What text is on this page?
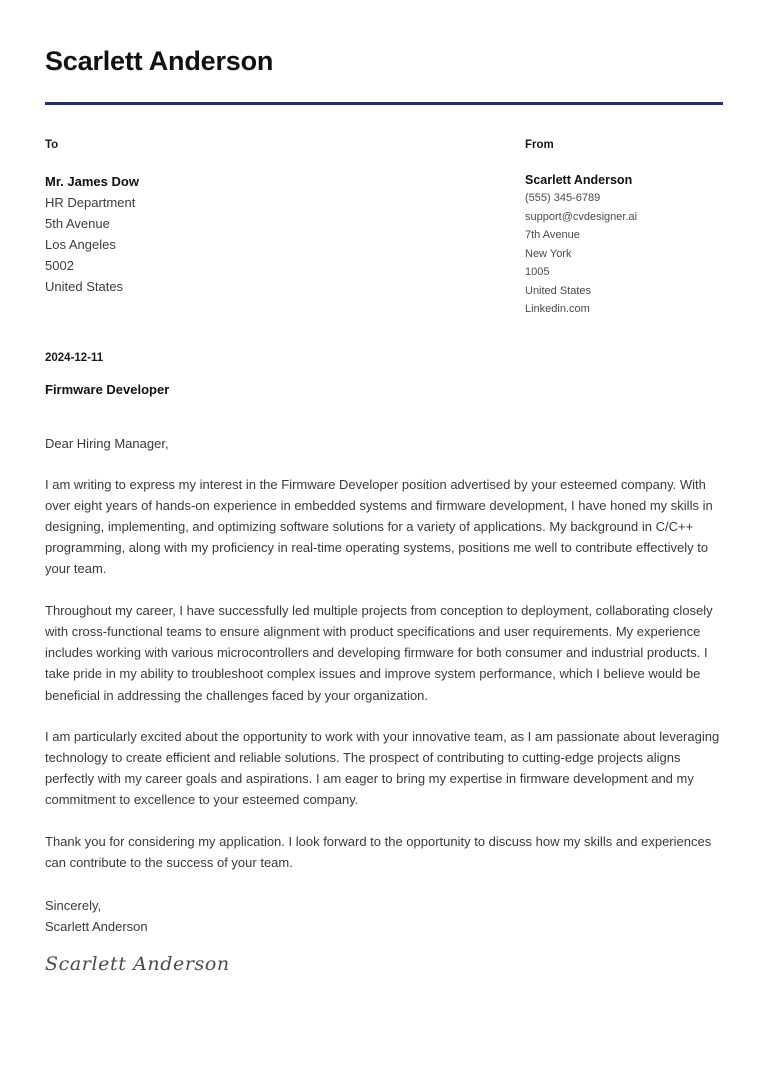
Scarlett Anderson
To
Mr. James Dow
HR Department
5th Avenue
Los Angeles
5002
United States
From
Scarlett Anderson
(555) 345-6789
support@cvdesigner.ai
7th Avenue
New York
1005
United States
Linkedin.com
2024-12-11
Firmware Developer
Dear Hiring Manager,

I am writing to express my interest in the Firmware Developer position advertised by your esteemed company. With over eight years of hands-on experience in embedded systems and firmware development, I have honed my skills in designing, implementing, and optimizing software solutions for a variety of applications. My background in C/C++ programming, along with my proficiency in real-time operating systems, positions me well to contribute effectively to your team.

Throughout my career, I have successfully led multiple projects from conception to deployment, collaborating closely with cross-functional teams to ensure alignment with product specifications and user requirements. My experience includes working with various microcontrollers and developing firmware for both consumer and industrial products. I take pride in my ability to troubleshoot complex issues and improve system performance, which I believe would be beneficial in addressing the challenges faced by your organization.

I am particularly excited about the opportunity to work with your innovative team, as I am passionate about leveraging technology to create efficient and reliable solutions. The prospect of contributing to cutting-edge projects aligns perfectly with my career goals and aspirations. I am eager to bring my expertise in firmware development and my commitment to excellence to your esteemed company.

Thank you for considering my application. I look forward to the opportunity to discuss how my skills and experiences can contribute to the success of your team.

Sincerely,
Scarlett Anderson
Scarlett Anderson
